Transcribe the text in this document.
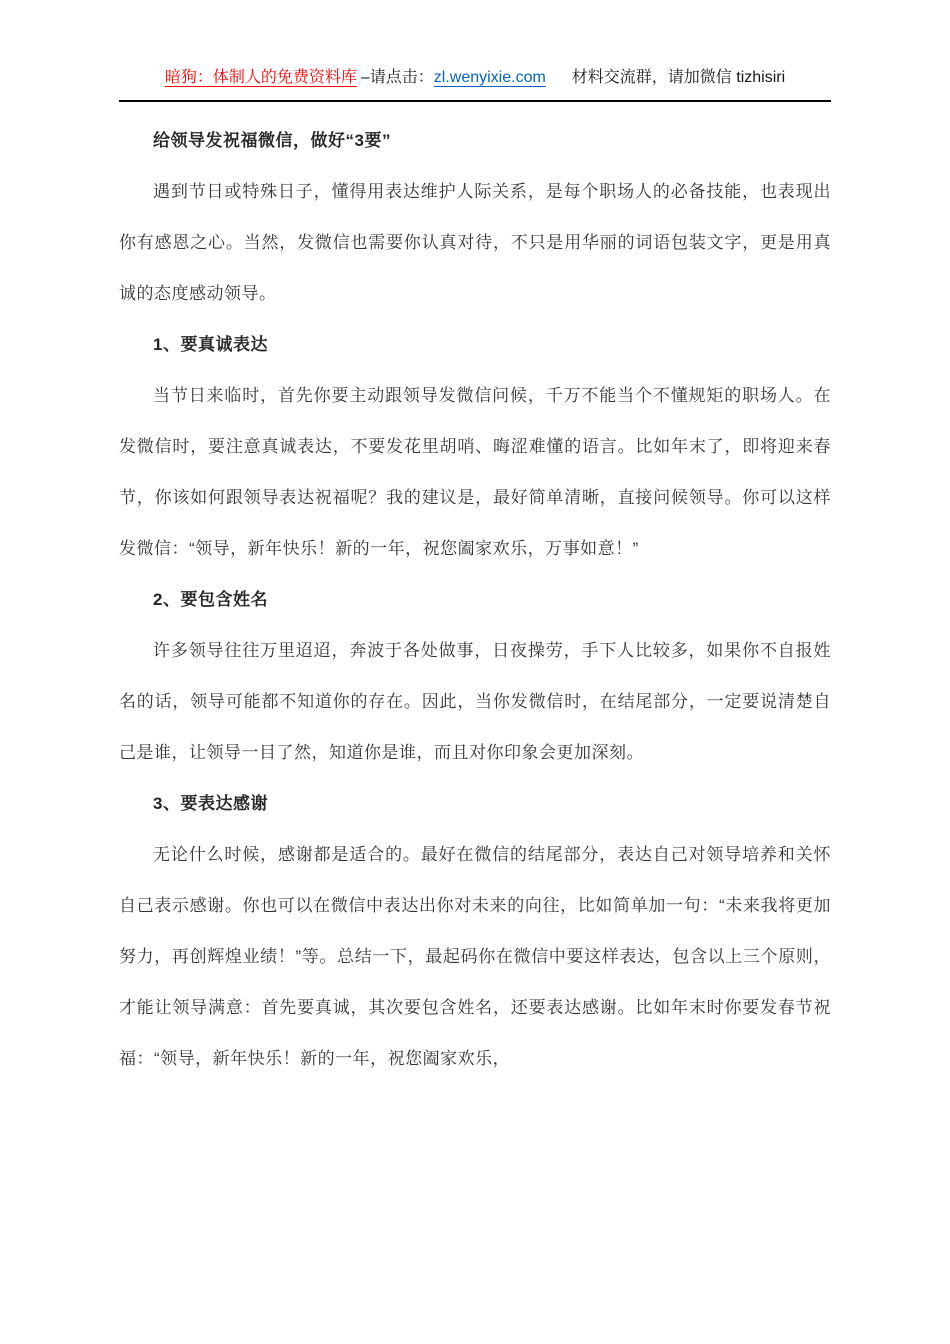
暗狗：体制人的免费资料库 –请点击：zl.wenyixie.com 材料交流群，请加微信 tizhisiri

给领导发祝福微信，做好“3要”

遇到节日或特殊日子，懂得用表达维护人际关系，是每个职场人的必备技能，也表现出你有感恩之心。当然，发微信也需要你认真对待，不只是用华丽的词语包装文字，更是用真诚的态度感动领导。

1、要真诚表达

当节日来临时，首先你要主动跟领导发微信问候，千万不能当个不懂规矩的职场人。在发微信时，要注意真诚表达，不要发花里胡哨、晦涩难懂的语言。比如年末了，即将迎来春节，你该如何跟领导表达祝福呢？我的建议是，最好简单清晰，直接问候领导。你可以这样发微信：“领导，新年快乐！新的一年，祝您阖家欢乐，万事如意！”

2、要包含姓名

许多领导往往万里迢迢，奔波于各处做事，日夜操劳，手下人比较多，如果你不自报姓名的话，领导可能都不知道你的存在。因此，当你发微信时，在结尾部分，一定要说清楚自己是谁，让领导一目了然，知道你是谁，而且对你印象会更加深刻。

3、要表达感谢

无论什么时候，感谢都是适合的。最好在微信的结尾部分，表达自己对领导培养和关怀自己表示感谢。你也可以在微信中表达出你对未来的向往，比如简单加一句：“未来我将更加努力，再创辉煌业绩！”等。总结一下，最起码你在微信中要这样表达，包含以上三个原则，才能让领导满意：首先要真诚，其次要包含姓名，还要表达感谢。比如年末时你要发春节祝福：“领导，新年快乐！新的一年，祝您阖家欢乐，
